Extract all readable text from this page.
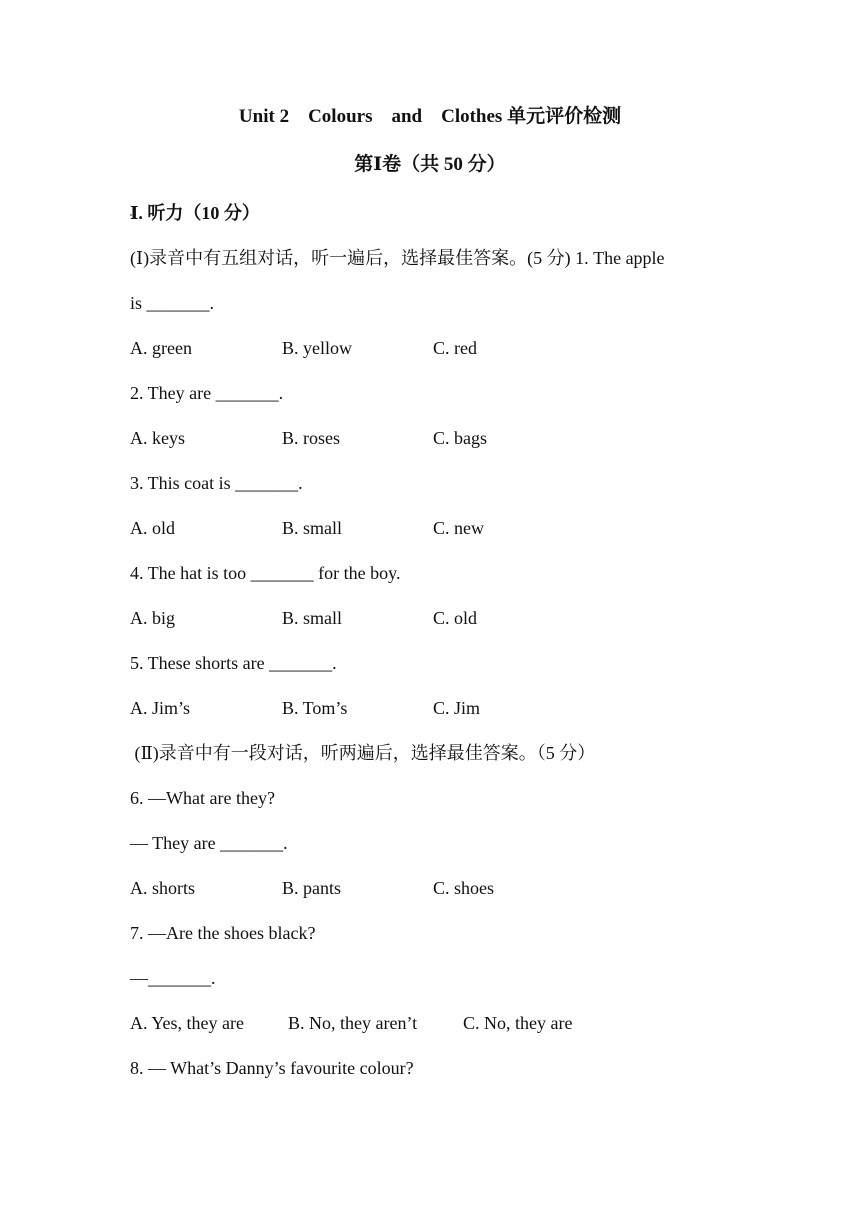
Unit 2    Colours    and    Clothes 单元评价检测
第Ⅰ卷（共 50 分）
Ⅰ. 听力（10 分）
(Ⅰ)录音中有五组对话，听一遍后，选择最佳答案。(5 分) 1. The apple
is _______.
A. green	B. yellow	C. red
2. They are _______.
A. keys	B. roses	C. bags
3. This coat is _______.
A. old	B. small	C. new
4. The hat is too _______ for the boy.
A. big	B. small	C. old
5. These shorts are _______.
A. Jim’s	B. Tom’s	C. Jim
(Ⅱ)录音中有一段对话，听两遍后，选择最佳答案。（5 分）
6. —What are they?
— They are _______.
A. shorts	B. pants	C. shoes
7. —Are the shoes black?
—_______.
A. Yes, they are B. No, they aren’t	C. No, they are
8. — What’s Danny’s favourite colour?
